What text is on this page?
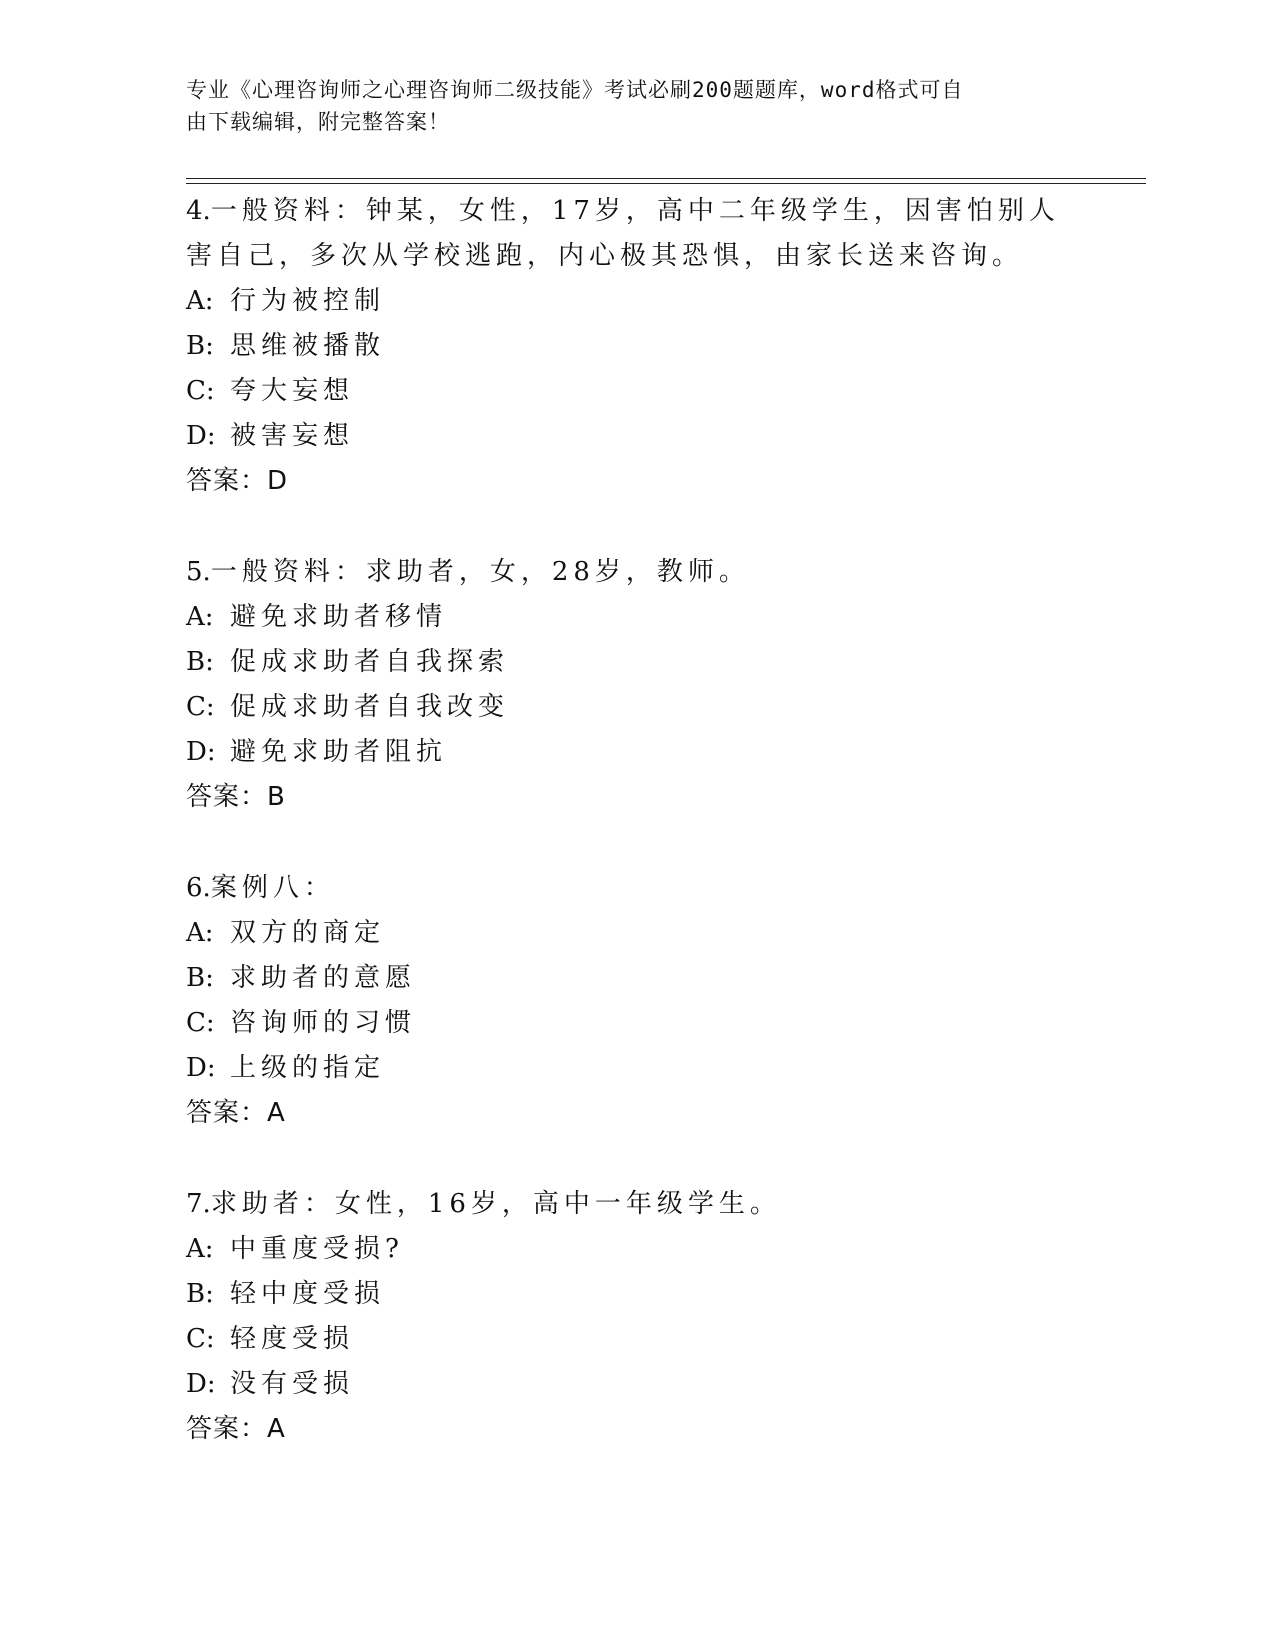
专业《心理咨询师之心理咨询师二级技能》考试必刷200题题库，word格式可自
由下载编辑，附完整答案！

4.一般资料：钟某，女性，17岁，高中二年级学生，因害怕别人害自己，多次从学校逃跑，内心极其恐惧，由家长送来咨询。

A: 行为被控制

B: 思维被播散

C: 夸大妄想

D: 被害妄想

答案：D

5.一般资料：求助者，女，28岁，教师。

A: 避免求助者移情

B: 促成求助者自我探索

C: 促成求助者自我改变

D: 避免求助者阻抗

答案：B

6.案例八：

A: 双方的商定

B: 求助者的意愿

C: 咨询师的习惯

D: 上级的指定

答案：A

7.求助者：女性，16岁，高中一年级学生。

A: 中重度受损?

B: 轻中度受损

C: 轻度受损

D: 没有受损

答案：A
